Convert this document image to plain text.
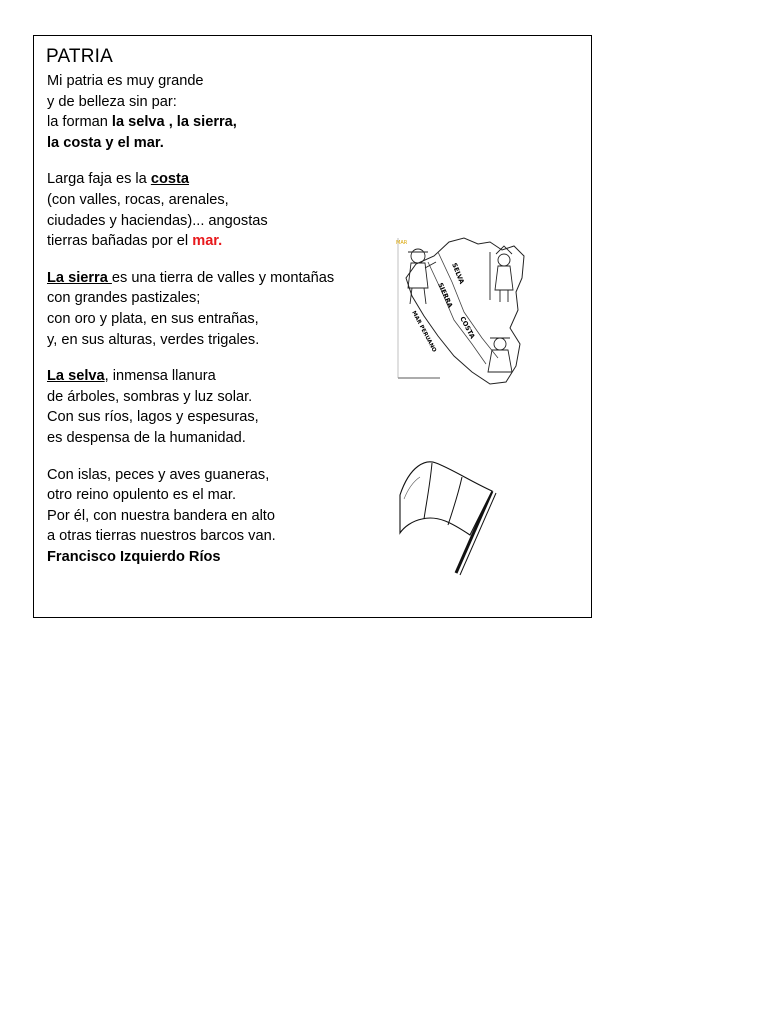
PATRIA
Mi patria es muy grande
y de belleza sin par:
la forman la selva , la sierra,
la costa y el mar.
Larga faja es la costa
(con valles, rocas, arenales,
ciudades y haciendas)... angostas
tierras bañadas por el mar.
La sierra es una tierra de valles y montañas
con grandes pastizales;
con oro y plata, en sus entrañas,
y, en sus alturas, verdes trigales.
La selva, inmensa llanura
de árboles, sombras y luz solar.
Con sus ríos, lagos y espesuras,
es despensa de la humanidad.
Con islas, peces y aves guaneras,
otro reino opulento es el mar.
Por él, con nuestra bandera en alto
a otras tierras nuestros barcos van.
Francisco Izquierdo Ríos
SELVA
SIERRA
COSTA
MAR PERUANO
MAR
